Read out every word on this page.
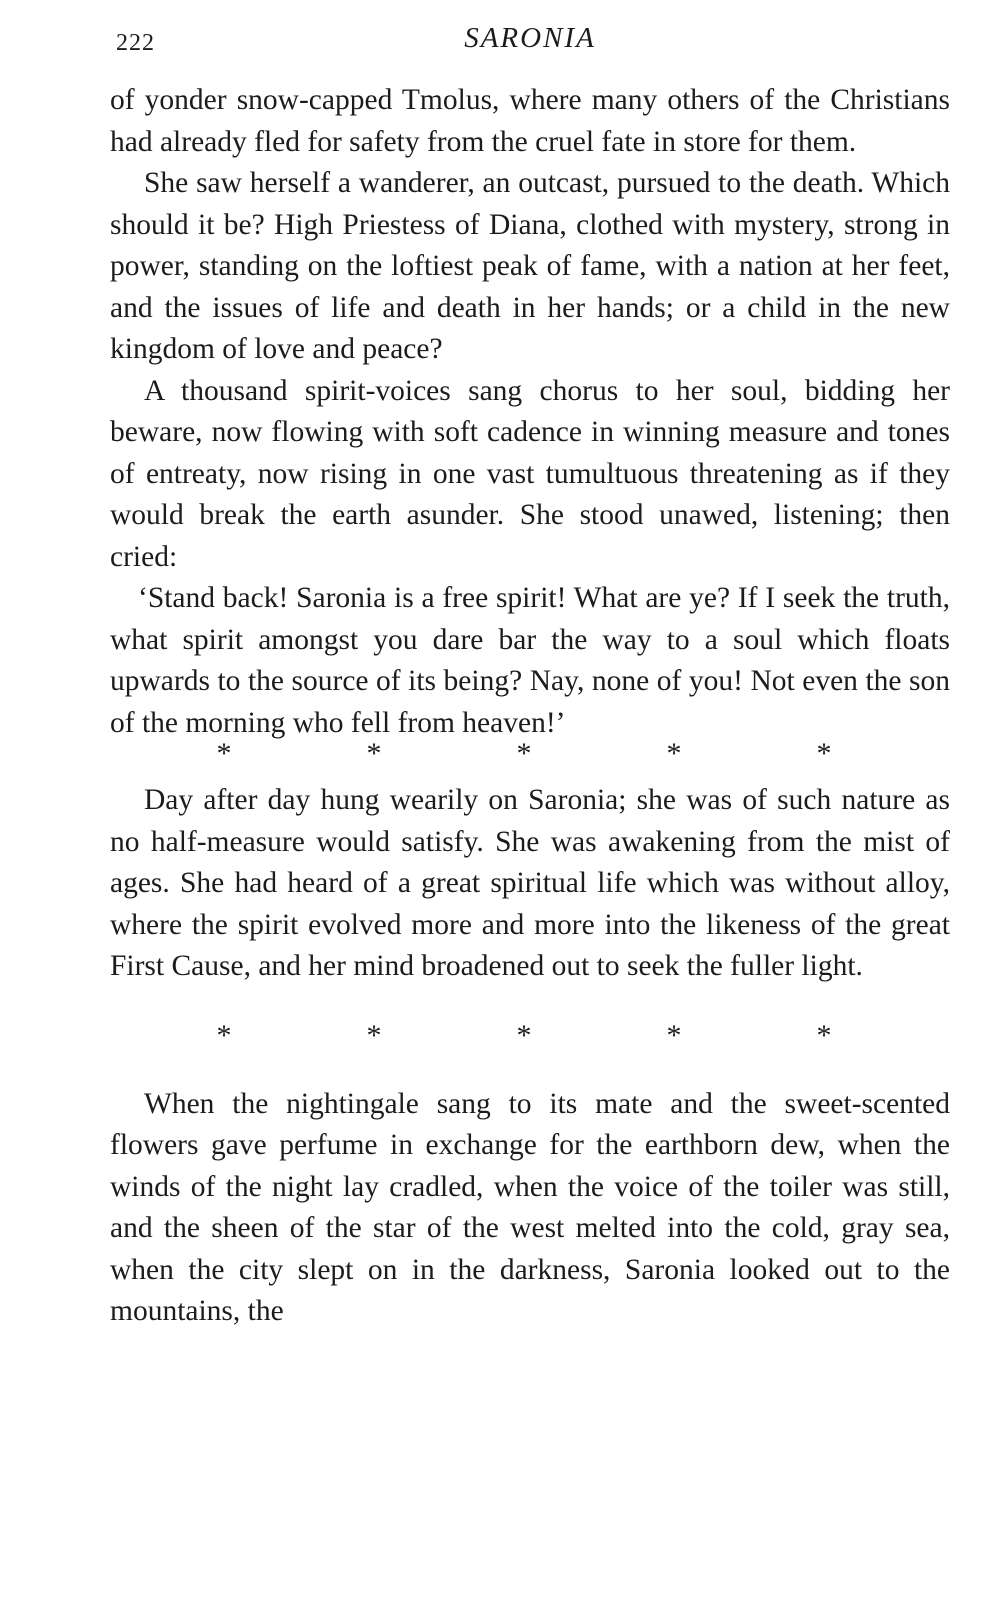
222	SARONIA

of yonder snow-capped Tmolus, where many others of the Christians had already fled for safety from the cruel fate in store for them.

She saw herself a wanderer, an outcast, pursued to the death. Which should it be? High Priestess of Diana, clothed with mystery, strong in power, standing on the loftiest peak of fame, with a nation at her feet, and the issues of life and death in her hands; or a child in the new kingdom of love and peace?

A thousand spirit-voices sang chorus to her soul, bidding her beware, now flowing with soft cadence in winning measure and tones of entreaty, now rising in one vast tumultuous threatening as if they would break the earth asunder. She stood unawed, listening; then cried:

‘Stand back! Saronia is a free spirit! What are ye? If I seek the truth, what spirit amongst you dare bar the way to a soul which floats upwards to the source of its being? Nay, none of you! Not even the son of the morning who fell from heaven!’

*	*	*	*	*

Day after day hung wearily on Saronia; she was of such nature as no half-measure would satisfy. She was awakening from the mist of ages. She had heard of a great spiritual life which was without alloy, where the spirit evolved more and more into the likeness of the great First Cause, and her mind broadened out to seek the fuller light.

*	*	*	*	*

When the nightingale sang to its mate and the sweet-scented flowers gave perfume in exchange for the earthborn dew, when the winds of the night lay cradled, when the voice of the toiler was still, and the sheen of the star of the west melted into the cold, gray sea, when the city slept on in the darkness, Saronia looked out to the mountains, the
